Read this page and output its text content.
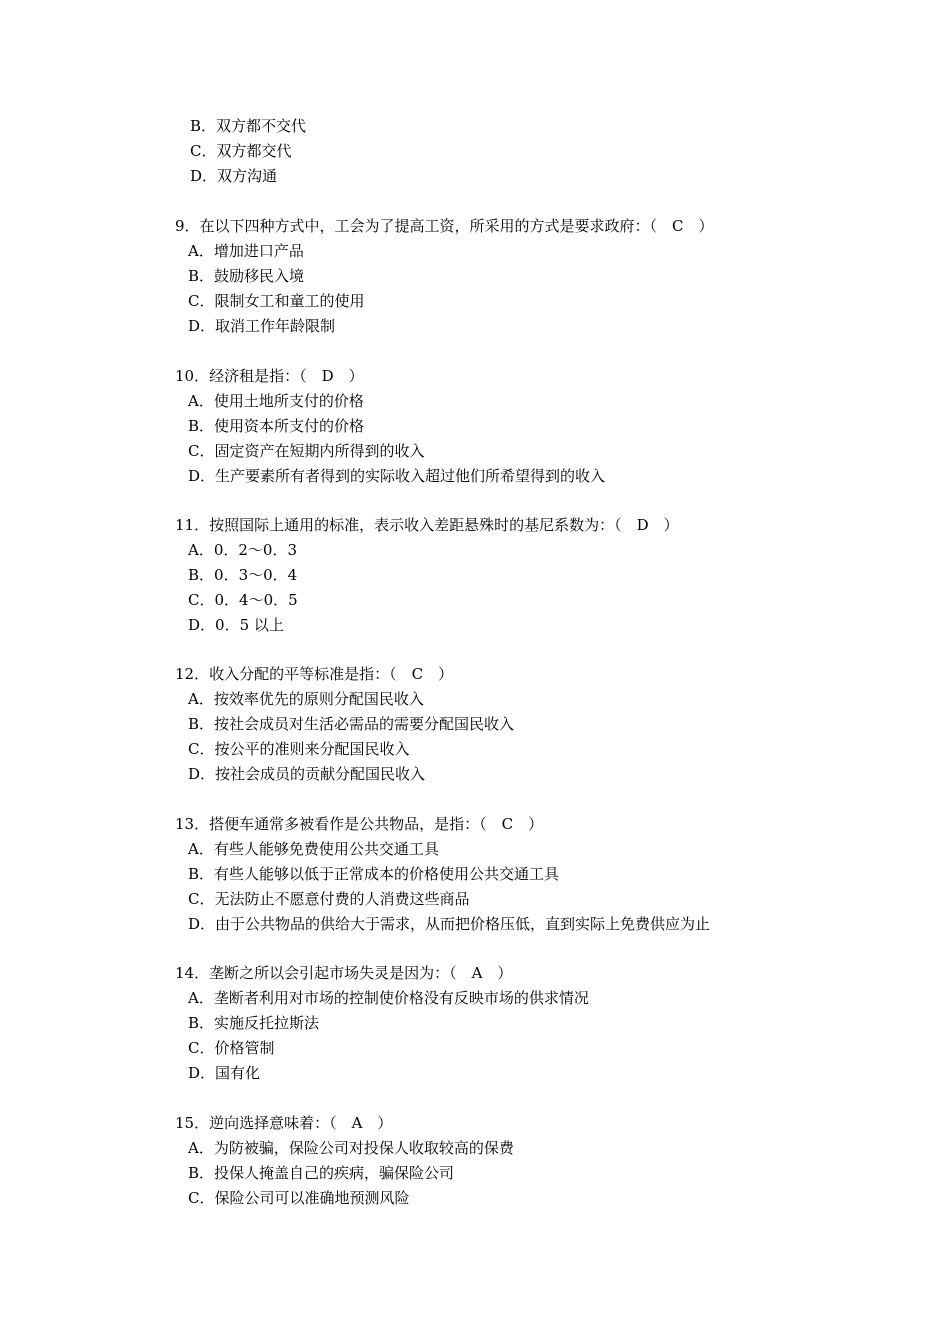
B．双方都不交代
C．双方都交代
D．双方沟通
9．在以下四种方式中，工会为了提高工资，所采用的方式是要求政府：（　C　）
A．增加进口产品
B．鼓励移民入境
C．限制女工和童工的使用
D．取消工作年龄限制
10．经济租是指：（　D　）
A．使用土地所支付的价格
B．使用资本所支付的价格
C．固定资产在短期内所得到的收入
D．生产要素所有者得到的实际收入超过他们所希望得到的收入
11．按照国际上通用的标准，表示收入差距悬殊时的基尼系数为：（　D　）
A．0．2～0．3
B．0．3～0．4
C．0．4～0．5
D．0．5 以上
12．收入分配的平等标准是指：（　C　）
A．按效率优先的原则分配国民收入
B．按社会成员对生活必需品的需要分配国民收入
C．按公平的准则来分配国民收入
D．按社会成员的贡献分配国民收入
13．搭便车通常多被看作是公共物品，是指：（　C　）
A．有些人能够免费使用公共交通工具
B．有些人能够以低于正常成本的价格使用公共交通工具
C．无法防止不愿意付费的人消费这些商品
D．由于公共物品的供给大于需求，从而把价格压低，直到实际上免费供应为止
14．垄断之所以会引起市场失灵是因为：（　A　）
A．垄断者利用对市场的控制使价格没有反映市场的供求情况
B．实施反托拉斯法
C．价格管制
D．国有化
15．逆向选择意味着：（　A　）
A．为防被骗，保险公司对投保人收取较高的保费
B．投保人掩盖自己的疾病，骗保险公司
C．保险公司可以准确地预测风险
